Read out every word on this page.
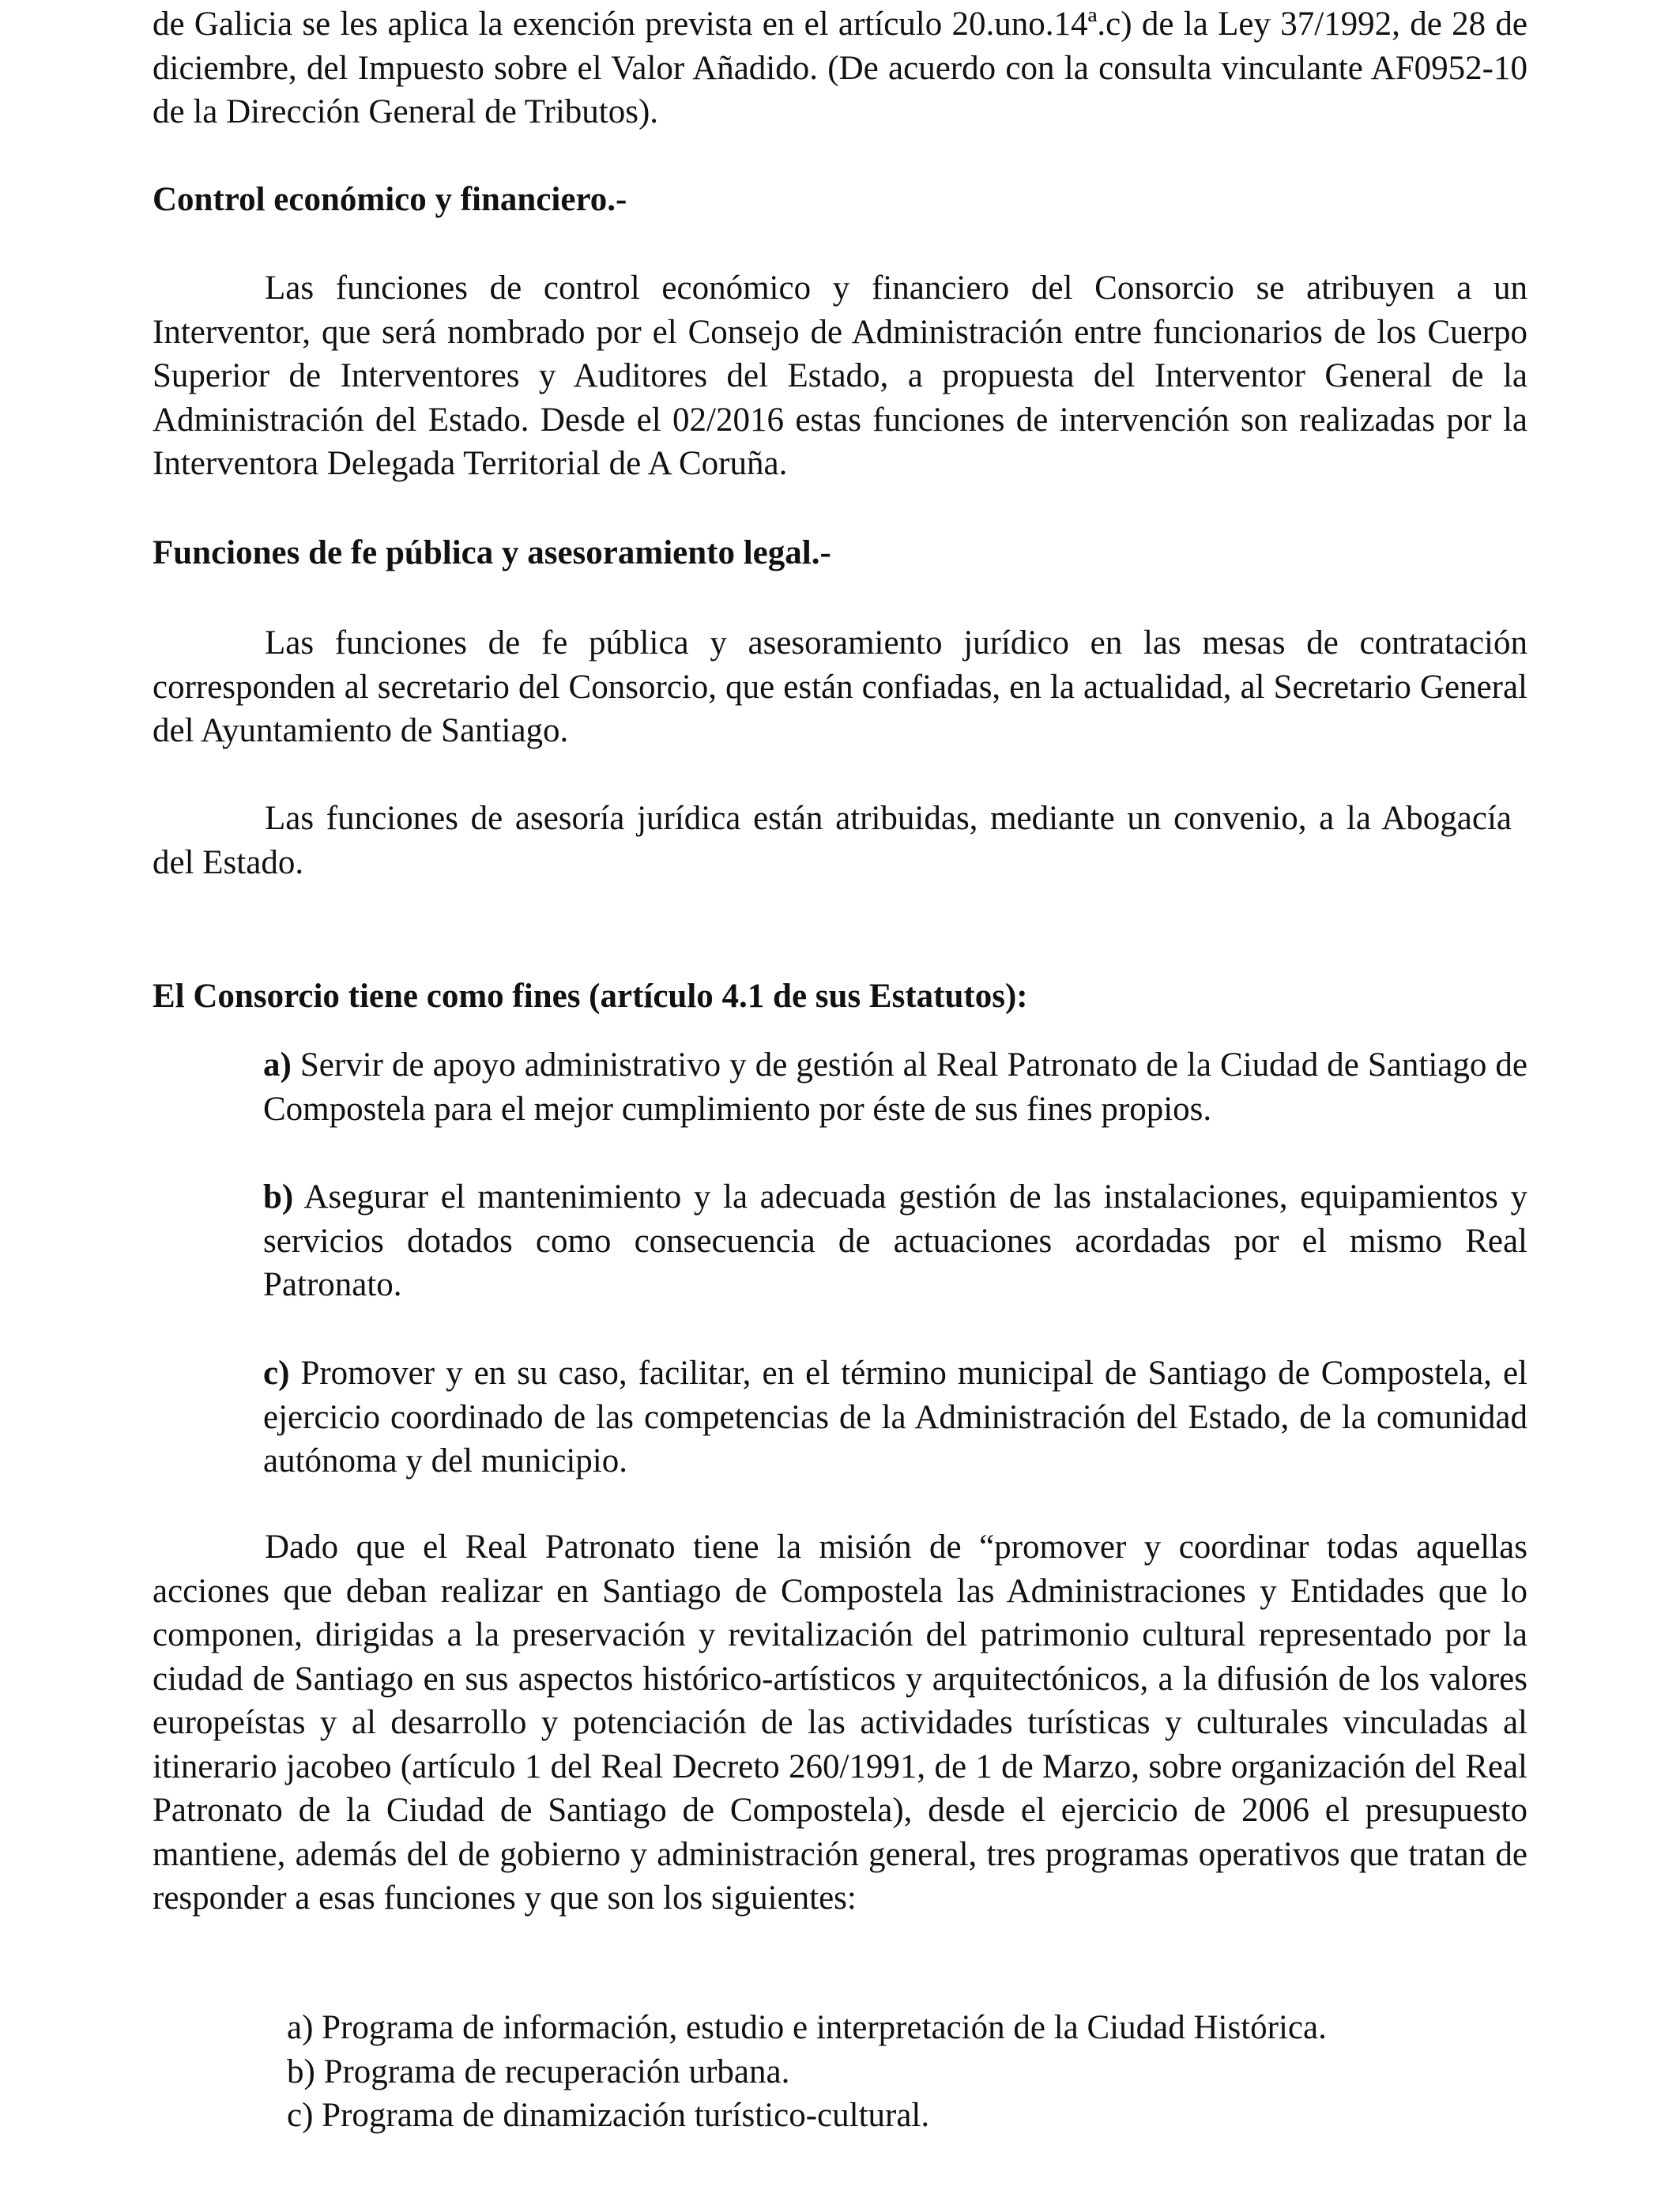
de Galicia se les aplica la exención prevista en el artículo 20.uno.14ª.c) de la Ley 37/1992, de 28 de diciembre, del Impuesto sobre el Valor Añadido. (De acuerdo con la consulta vinculante AF0952-10 de la Dirección General de Tributos).

Control económico y financiero.-

Las funciones de control económico y financiero del Consorcio se atribuyen a un Interventor, que será nombrado por el Consejo de Administración entre funcionarios de los Cuerpo Superior de Interventores y Auditores del Estado, a propuesta del Interventor General de la Administración del Estado. Desde el 02/2016 estas funciones de intervención son realizadas por la Interventora Delegada Territorial de A Coruña.

Funciones de fe pública y asesoramiento legal.-

Las funciones de fe pública y asesoramiento jurídico en las mesas de contratación corresponden al secretario del Consorcio, que están confiadas, en la actualidad, al Secretario General del Ayuntamiento de Santiago.

Las funciones de asesoría jurídica están atribuidas, mediante un convenio, a la Abogacía del Estado.

El Consorcio tiene como fines (artículo 4.1 de sus Estatutos):

a) Servir de apoyo administrativo y de gestión al Real Patronato de la Ciudad de Santiago de Compostela para el mejor cumplimiento por éste de sus fines propios.

b) Asegurar el mantenimiento y la adecuada gestión de las instalaciones, equipamientos y servicios dotados como consecuencia de actuaciones acordadas por el mismo Real Patronato.

c) Promover y en su caso, facilitar, en el término municipal de Santiago de Compostela, el ejercicio coordinado de las competencias de la Administración del Estado, de la comunidad autónoma y del municipio.

Dado que el Real Patronato tiene la misión de “promover y coordinar todas aquellas acciones que deban realizar en Santiago de Compostela las Administraciones y Entidades que lo componen, dirigidas a la preservación y revitalización del patrimonio cultural representado por la ciudad de Santiago en sus aspectos histórico-artísticos y arquitectónicos, a la difusión de los valores europeístas y al desarrollo y potenciación de las actividades turísticas y culturales vinculadas al itinerario jacobeo (artículo 1 del Real Decreto 260/1991, de 1 de Marzo, sobre organización del Real Patronato de la Ciudad de Santiago de Compostela), desde el ejercicio de 2006 el presupuesto mantiene, además del de gobierno y administración general, tres programas operativos que tratan de responder a esas funciones y que son los siguientes:

a) Programa de información, estudio e interpretación de la Ciudad Histórica.
b) Programa de recuperación urbana.
c) Programa de dinamización turístico-cultural.
